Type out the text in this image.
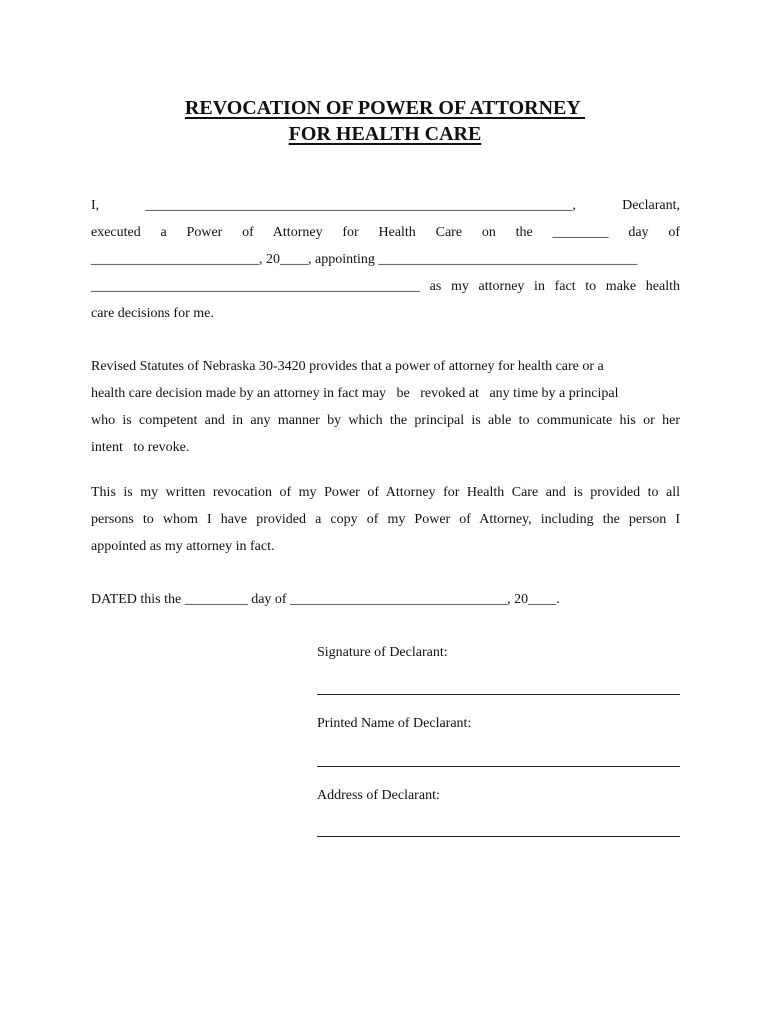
REVOCATION OF POWER OF ATTORNEY
FOR HEALTH CARE
I, _____________________________________________________________, Declarant,
executed a Power of Attorney for Health Care on the ________ day of
________________________, 20____, appointing _____________________________________
_______________________________________________ as my attorney in fact to make health
care decisions for me.
Revised Statutes of Nebraska 30-3420 provides that a power of attorney for health care or a
health care decision made by an attorney in fact may   be   revoked at   any time by a principal
who is competent and in any manner by which the principal is able to communicate his or her
intent   to revoke.
This is my written revocation of my Power of Attorney for Health Care and is provided to all
persons to whom I have provided a copy of my Power of Attorney, including the person I
appointed as my attorney in fact.
DATED this the _________ day of _______________________________, 20____.
Signature of Declarant:
Printed Name of Declarant:
Address of Declarant:
